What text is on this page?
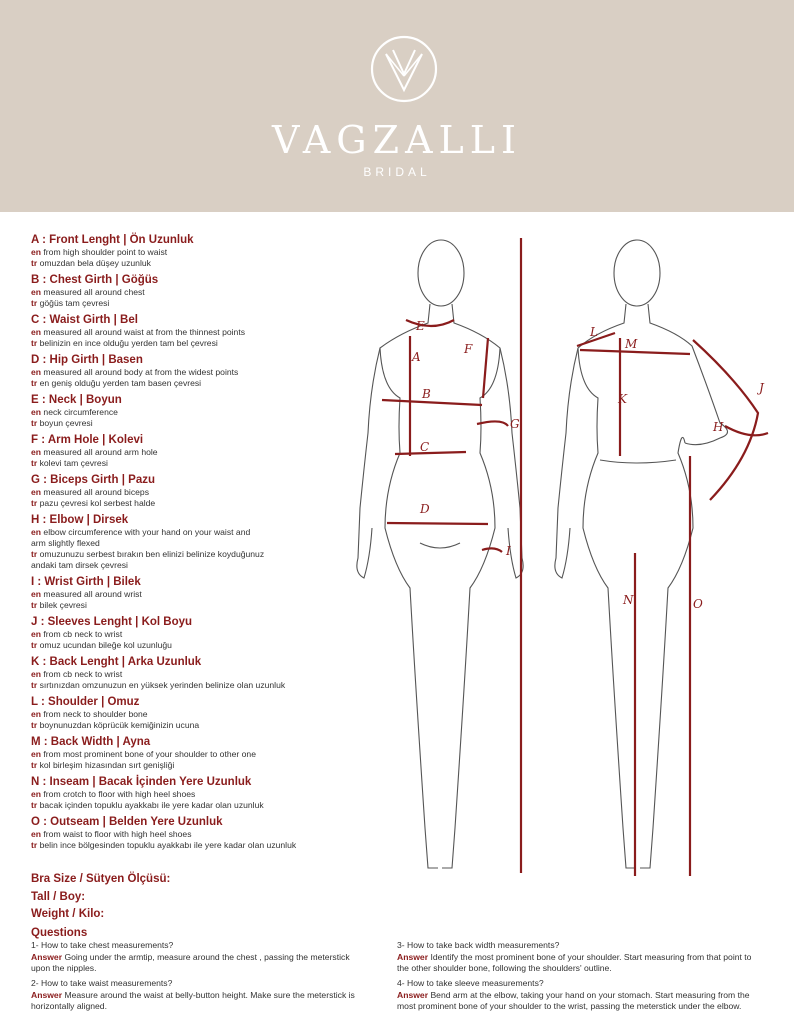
VAGZALLI
BRIDAL
A : Front Lenght | Ön Uzunluk
en from high shoulder point to waist
tr omuzdan bela düşey uzunluk
B : Chest Girth | Göğüs
en measured all around chest
tr göğüs tam çevresi
C : Waist Girth | Bel
en measured all around waist at from the thinnest points
tr belinizin en ince olduğu yerden tam bel çevresi
D : Hip Girth | Basen
en measured all around body at from the widest points
tr en geniş olduğu yerden tam basen çevresi
E : Neck | Boyun
en neck circumference
tr boyun çevresi
F : Arm Hole | Kolevi
en measured all around arm hole
tr kolevi tam çevresi
G : Biceps Girth | Pazu
en measured all around biceps
tr pazu çevresi kol serbest halde
H : Elbow | Dirsek
en elbow circumference with your hand on your waist and
arm slightly flexed
tr omuzunuzu serbest bırakın ben elinizi belinize koyduğunuz
andaki tam dirsek çevresi
I : Wrist Girth | Bilek
en measured all around wrist
tr bilek çevresi
J : Sleeves Lenght | Kol Boyu
en from cb neck to wrist
tr omuz ucundan bileğe kol uzunluğu
K : Back Lenght | Arka Uzunluk
en from cb neck to wrist
tr sırtınızdan omzunuzun en yüksek yerinden belinize olan uzunluk
L : Shoulder | Omuz
en from neck to shoulder bone
tr boynunuzdan köprücük kemiğinizin ucuna
M : Back Width | Ayna
en from most prominent bone of your shoulder to other one
tr kol birleşim hizasından sırt genişliği
N : Inseam | Bacak İçinden Yere Uzunluk
en from crotch to floor with high heel shoes
tr bacak içinden topuklu ayakkabı ile yere kadar olan uzunluk
O : Outseam | Belden Yere Uzunluk
en from waist to floor with high heel shoes
tr belin ince bölgesinden topuklu ayakkabı ile yere kadar olan uzunluk
Bra Size / Sütyen Ölçüsü:
Tall / Boy:
Weight / Kilo:
Questions
1- How to take chest measurements?
Answer Going under the armtip, measure around the chest , passing the meterstick upon the nipples.
2- How to take waist measurements?
Answer Measure around the waist at belly-button height. Make sure the meterstick is horizontally aligned.
3- How to take back width measurements?
Answer Identify the most prominent bone of your shoulder. Start measuring from that point to the other shoulder bone, following the shoulders' outline.
4- How to take sleeve measurements?
Answer Bend arm at the elbow, taking your hand on your stomach. Start measuring from the most prominent bone of your shoulder to the wrist, passing the meterstick under the elbow.
E
A
F
B
G
C
D
I
L
M
K
J
H
N	O
